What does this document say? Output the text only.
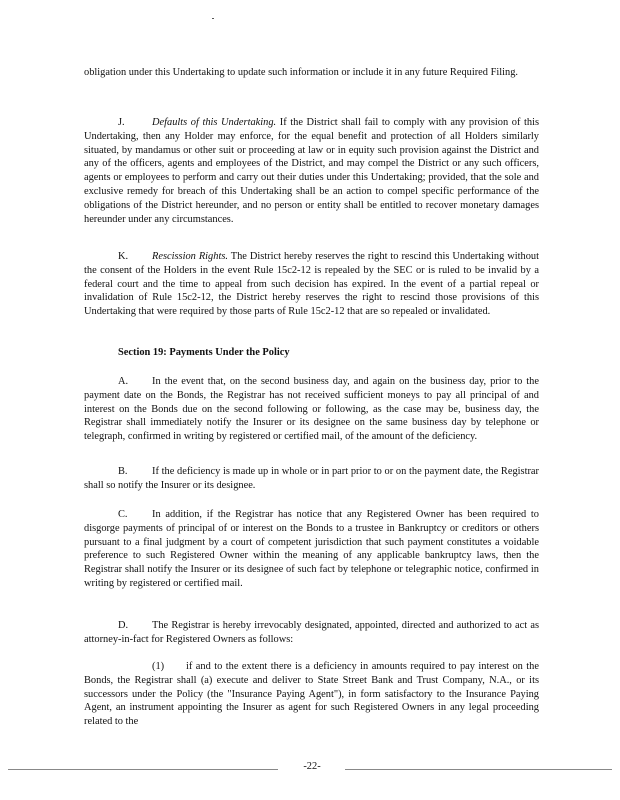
obligation under this Undertaking to update such information or include it in any future Required Filing.
J.	Defaults of this Undertaking. If the District shall fail to comply with any provision of this Undertaking, then any Holder may enforce, for the equal benefit and protection of all Holders similarly situated, by mandamus or other suit or proceeding at law or in equity such provision against the District and any of the officers, agents and employees of the District, and may compel the District or any such officers, agents or employees to perform and carry out their duties under this Undertaking; provided, that the sole and exclusive remedy for breach of this Undertaking shall be an action to compel specific performance of the obligations of the District hereunder, and no person or entity shall be entitled to recover monetary damages hereunder under any circumstances.
K. Rescission Rights. The District hereby reserves the right to rescind this Undertaking without the consent of the Holders in the event Rule 15c2-12 is repealed by the SEC or is ruled to be invalid by a federal court and the time to appeal from such decision has expired. In the event of a partial repeal or invalidation of Rule 15c2-12, the District hereby reserves the right to rescind those provisions of this Undertaking that were required by those parts of Rule 15c2-12 that are so repealed or invalidated.
Section 19: Payments Under the Policy
A. In the event that, on the second business day, and again on the business day, prior to the payment date on the Bonds, the Registrar has not received sufficient moneys to pay all principal of and interest on the Bonds due on the second following or following, as the case may be, business day, the Registrar shall immediately notify the Insurer or its designee on the same business day by telephone or telegraph, confirmed in writing by registered or certified mail, of the amount of the deficiency.
B. If the deficiency is made up in whole or in part prior to or on the payment date, the Registrar shall so notify the Insurer or its designee.
C. In addition, if the Registrar has notice that any Registered Owner has been required to disgorge payments of principal of or interest on the Bonds to a trustee in Bankruptcy or creditors or others pursuant to a final judgment by a court of competent jurisdiction that such payment constitutes a voidable preference to such Registered Owner within the meaning of any applicable bankruptcy laws, then the Registrar shall notify the Insurer or its designee of such fact by telephone or telegraphic notice, confirmed in writing by registered or certified mail.
D. The Registrar is hereby irrevocably designated, appointed, directed and authorized to act as attorney-in-fact for Registered Owners as follows:
(1) if and to the extent there is a deficiency in amounts required to pay interest on the Bonds, the Registrar shall (a) execute and deliver to State Street Bank and Trust Company, N.A., or its successors under the Policy (the "Insurance Paying Agent"), in form satisfactory to the Insurance Paying Agent, an instrument appointing the Insurer as agent for such Registered Owners in any legal proceeding related to the
-22-
